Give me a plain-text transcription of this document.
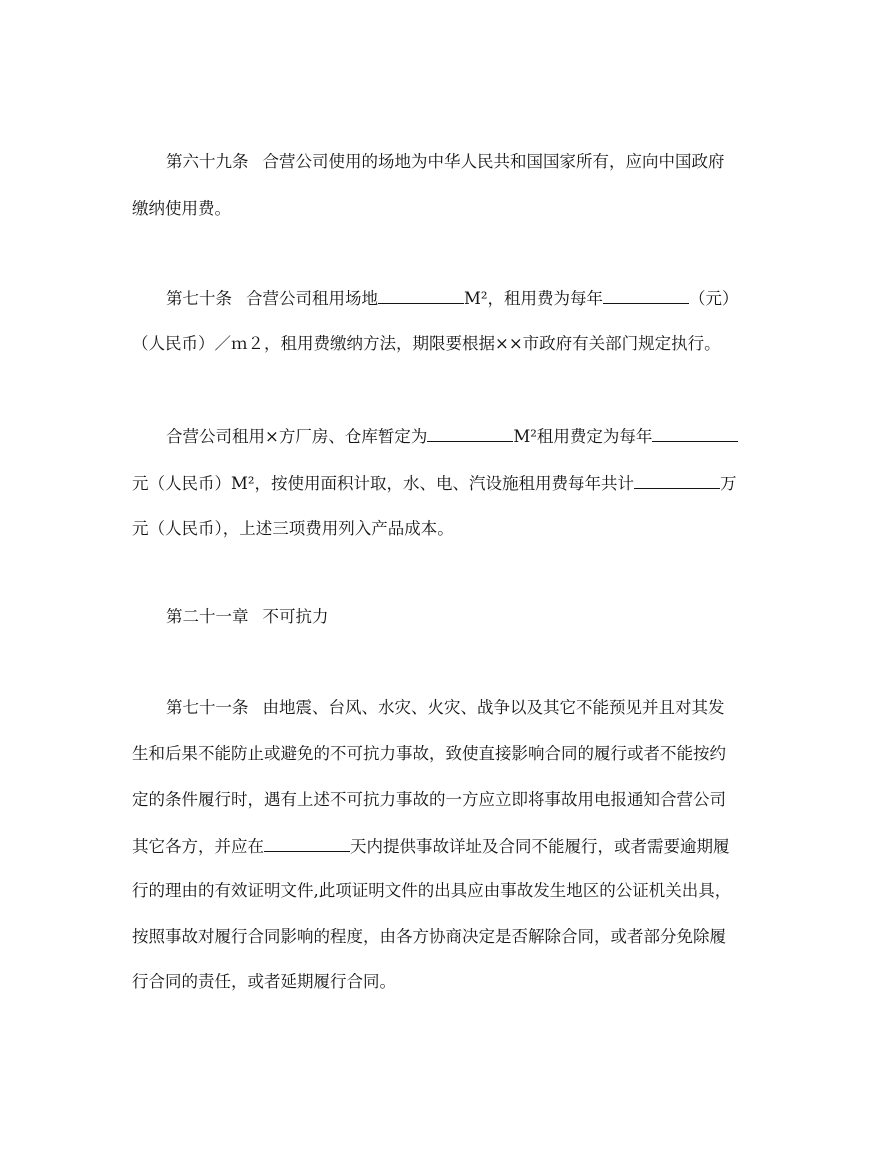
第六十九条 合营公司使用的场地为中华人民共和国国家所有，应向中国政府
缴纳使用费。
第七十条 合营公司租用场地	M²，租用费为每年	（元）
（人民币）／ｍ２，租用费缴纳方法，期限要根据××市政府有关部门规定执行。
合营公司租用×方厂房、仓库暂定为	M²租用费定为每年
元（人民币）M²，按使用面积计取，水、电、汽设施租用费每年共计	万
元（人民币），上述三项费用列入产品成本。
第二十一章 不可抗力
第七十一条 由地震、台风、水灾、火灾、战争以及其它不能预见并且对其发
生和后果不能防止或避免的不可抗力事故，致使直接影响合同的履行或者不能按约
定的条件履行时，遇有上述不可抗力事故的一方应立即将事故用电报通知合营公司
其它各方，并应在	天内提供事故详址及合同不能履行，或者需要逾期履
行的理由的有效证明文件,此项证明文件的出具应由事故发生地区的公证机关出具，
按照事故对履行合同影响的程度，由各方协商决定是否解除合同，或者部分免除履
行合同的责任，或者延期履行合同。
